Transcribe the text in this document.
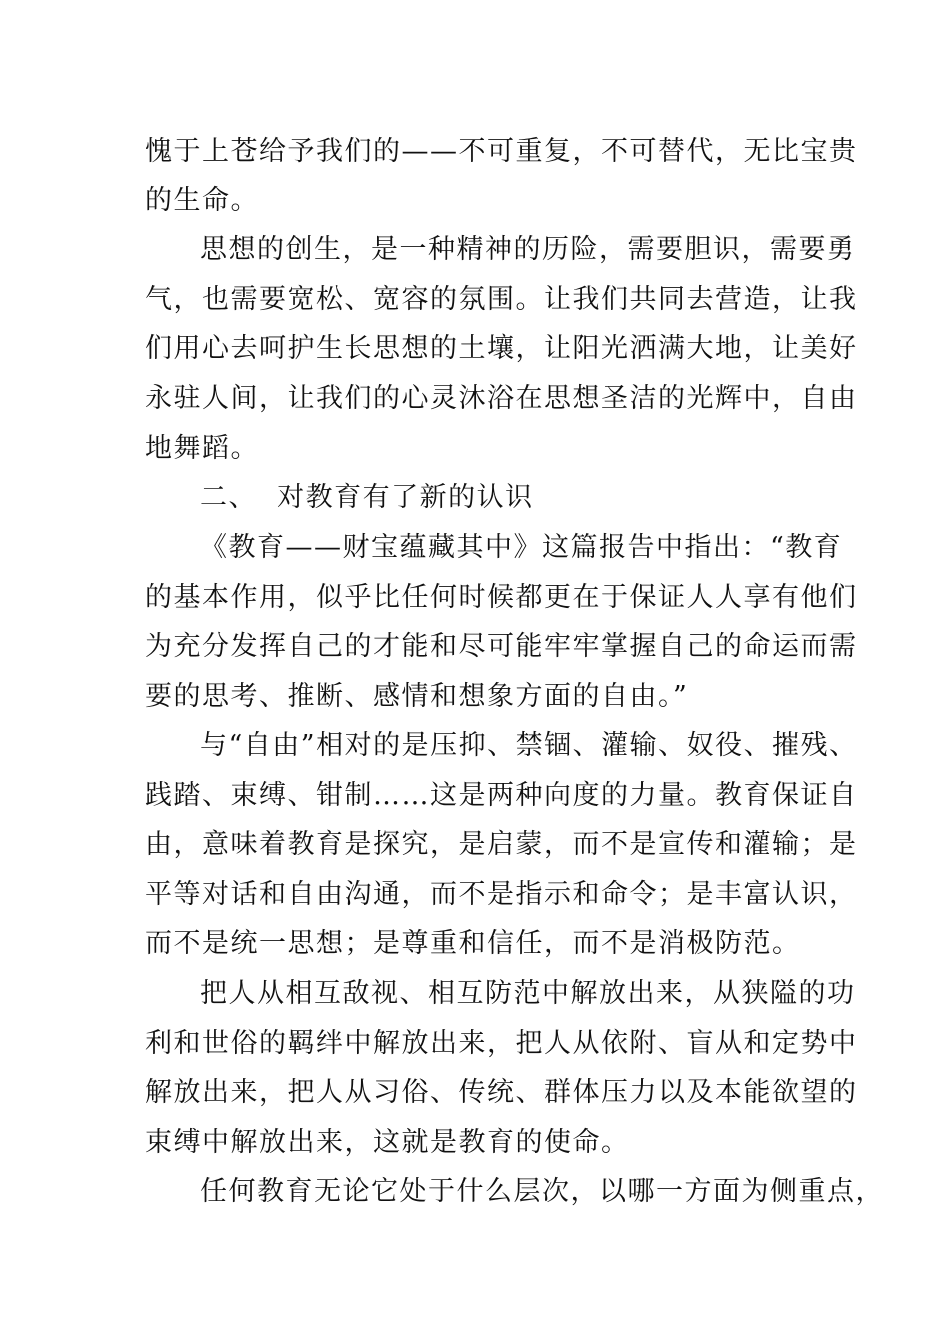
愧于上苍给予我们的——不可重复，不可替代，无比宝贵
的生命。
思想的创生，是一种精神的历险，需要胆识，需要勇
气，也需要宽松、宽容的氛围。让我们共同去营造，让我
们用心去呵护生长思想的土壤，让阳光洒满大地，让美好
永驻人间，让我们的心灵沐浴在思想圣洁的光辉中，自由
地舞蹈。
二、  对教育有了新的认识
《教育——财宝蕴藏其中》这篇报告中指出：“教育
的基本作用，似乎比任何时候都更在于保证人人享有他们
为充分发挥自己的才能和尽可能牢牢掌握自己的命运而需
要的思考、推断、感情和想象方面的自由。”
与“自由”相对的是压抑、禁锢、灌输、奴役、摧残、
践踏、束缚、钳制……这是两种向度的力量。教育保证自
由，意味着教育是探究，是启蒙，而不是宣传和灌输；是
平等对话和自由沟通，而不是指示和命令；是丰富认识，
而不是统一思想；是尊重和信任，而不是消极防范。
把人从相互敌视、相互防范中解放出来，从狭隘的功
利和世俗的羁绊中解放出来，把人从依附、盲从和定势中
解放出来，把人从习俗、传统、群体压力以及本能欲望的
束缚中解放出来，这就是教育的使命。
任何教育无论它处于什么层次，以哪一方面为侧重点，
